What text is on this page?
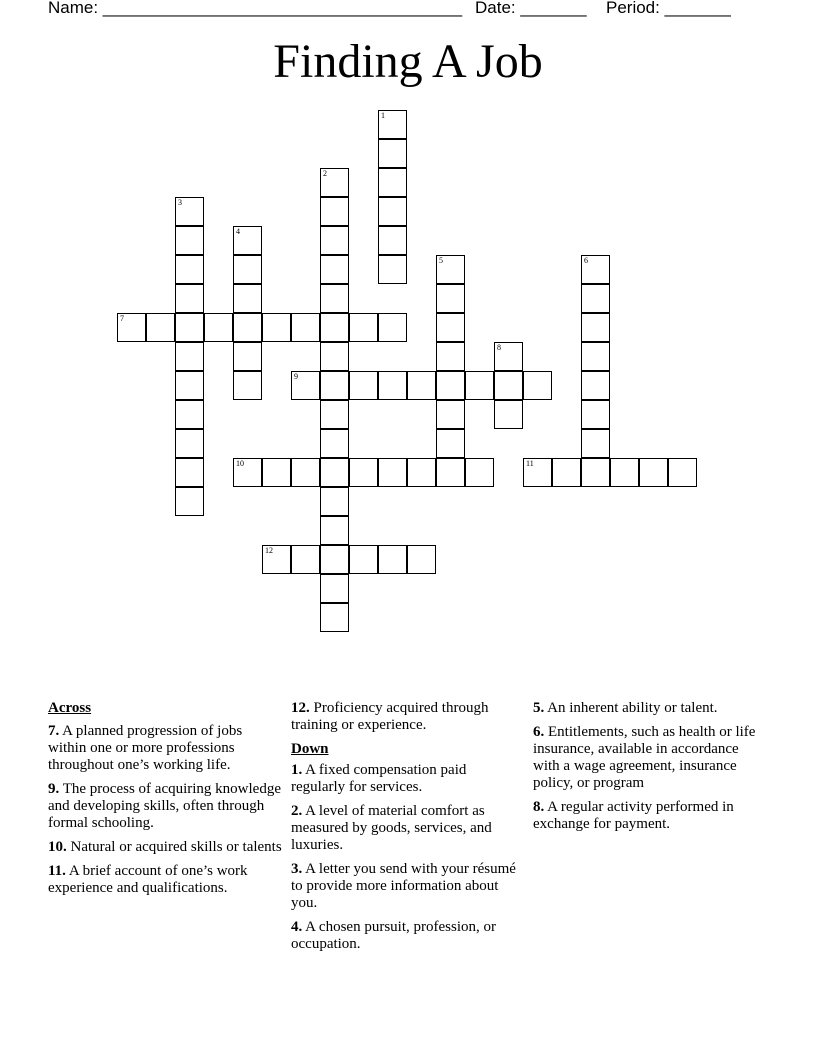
Name: ______________________________________ Date: _______ Period: _______
Finding A Job
1
2
3
4
5	6
7
8
9
10	11
12
Across
7. A planned progression of jobs within one or more professions throughout one’s working life.
9. The process of acquiring knowledge and developing skills, often through formal schooling.
10. Natural or acquired skills or talents
11. A brief account of one’s work experience and qualifications.
12. Proficiency acquired through training or experience.
Down
1. A fixed compensation paid regularly for services.
2. A level of material comfort as measured by goods, services, and luxuries.
3. A letter you send with your résumé to provide more information about you.
4. A chosen pursuit, profession, or occupation.
5. An inherent ability or talent.
6. Entitlements, such as health or life insurance, available in accordance with a wage agreement, insurance policy, or program
8. A regular activity performed in exchange for payment.
